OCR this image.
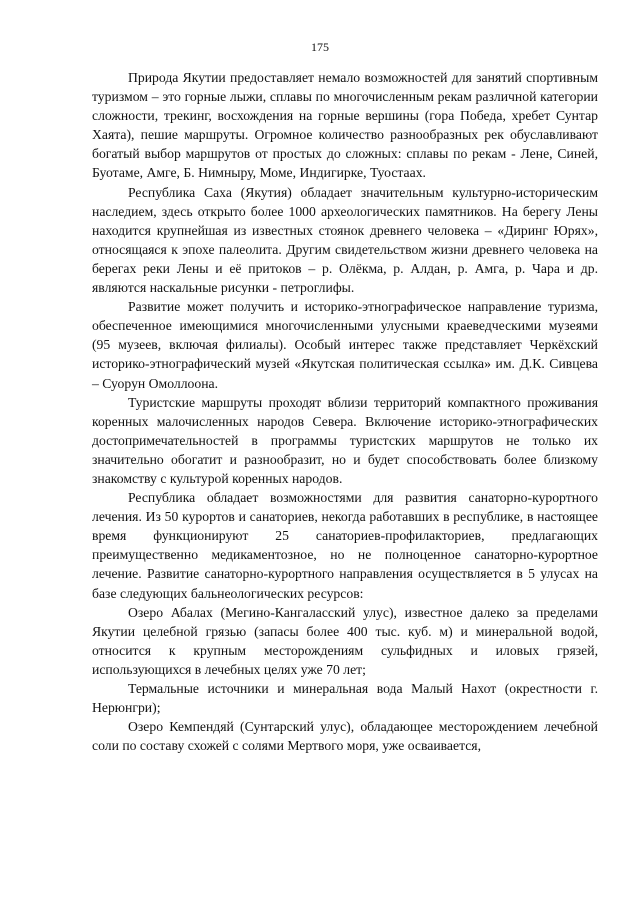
175

Природа Якутии предоставляет немало возможностей для занятий спортивным туризмом – это горные лыжи, сплавы по многочисленным рекам различной категории сложности, трекинг, восхождения на горные вершины (гора Победа, хребет Сунтар Хаята), пешие маршруты. Огромное количество разнообразных рек обуславливают богатый выбор маршрутов от простых до сложных: сплавы по рекам - Лене, Синей, Буотаме, Амге, Б. Нимныру, Моме, Индигирке, Туостаах.

Республика Саха (Якутия) обладает значительным культурно-историческим наследием, здесь открыто более 1000 археологических памятников. На берегу Лены находится крупнейшая из известных стоянок древнего человека – «Диринг Юрях», относящаяся к эпохе палеолита. Другим свидетельством жизни древнего человека на берегах реки Лены и её притоков – р. Олёкма, р. Алдан, р. Амга, р. Чара и др. являются наскальные рисунки - петроглифы.

Развитие может получить и историко-этнографическое направление туризма, обеспеченное имеющимися многочисленными улусными краеведческими музеями (95 музеев, включая филиалы). Особый интерес также представляет Черкёхский историко-этнографический музей «Якутская политическая ссылка» им. Д.К. Сивцева – Суорун Омоллоона.

Туристские маршруты проходят вблизи территорий компактного проживания коренных малочисленных народов Севера. Включение историко-этнографических достопримечательностей в программы туристских маршрутов не только их значительно обогатит и разнообразит, но и будет способствовать более близкому знакомству с культурой коренных народов.

Республика обладает возможностями для развития санаторно-курортного лечения. Из 50 курортов и санаториев, некогда работавших в республике, в настоящее время функционируют 25 санаториев-профилакториев, предлагающих преимущественно медикаментозное, но не полноценное санаторно-курортное лечение. Развитие санаторно-курортного направления осуществляется в 5 улусах на базе следующих бальнеологических ресурсов:

Озеро Абалах (Мегино-Кангаласский улус), известное далеко за пределами Якутии целебной грязью (запасы более 400 тыс. куб. м) и минеральной водой, относится к крупным месторождениям сульфидных и иловых грязей, использующихся в лечебных целях уже 70 лет;

Термальные источники и минеральная вода Малый Нахот (окрестности г. Нерюнгри);

Озеро Кемпендяй (Сунтарский улус), обладающее месторождением лечебной соли по составу схожей с солями Мертвого моря, уже осваивается,
